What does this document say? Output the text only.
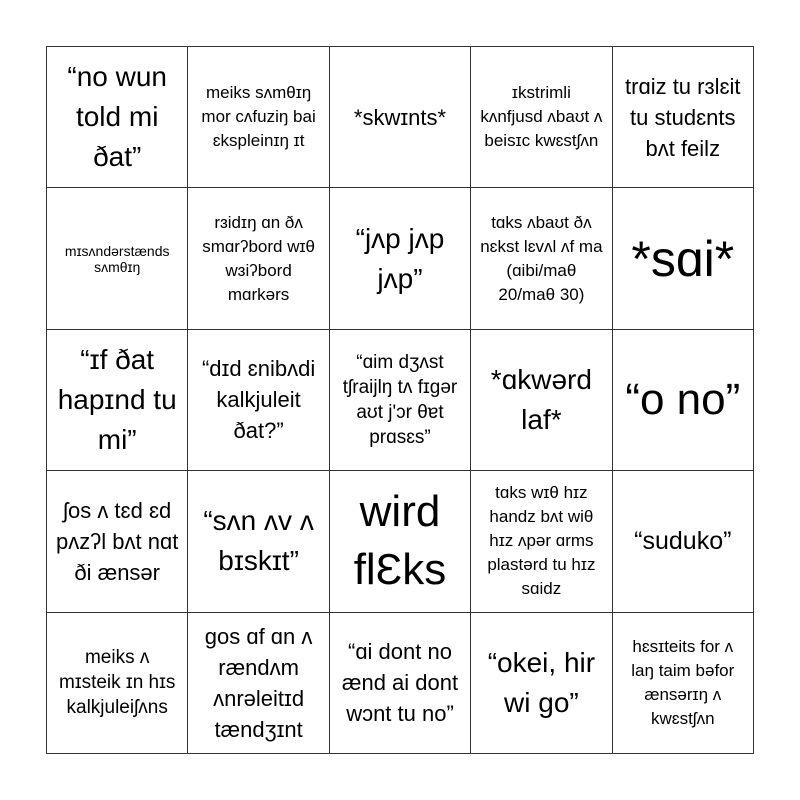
“no wun told mi ðat”
meiks sʌmθɪŋ mor cʌfuziŋ bai ɛkspleinɪŋ ɪt
*skwɪnts*
ɪkstrimli kʌnfjusd ʌbaʊt ʌ beisɪc kwɛstʃʌn
trɑiz tu rɜlɛit tu studɛnts bʌt feilz
mɪsʌndərstænds sʌmθɪŋ
rɜidɪŋ ɑn ðʌ smɑrʔbord wɪθ wɜiʔbord mɑrkərs
“jʌp jʌp jʌp”
tɑks ʌbaʊt ðʌ nɛkst lɛvʌl ʌf ma (ɑibi/maθ 20/maθ 30)
*sɑi*
“ɪf ðat hapɪnd tu mi”
“dɪd ɛnibʌdi kalkjuleit ðat?”
“ɑim dʒʌst tʃraijlŋ tʌ fɪgər aʊt j'ɔr θɐt prɑsɛs”
*ɑkwərd laf*	“o no”
ʃos ʌ tɛd ɛd pʌzʔl bʌt nɑt ði ænsər
“sʌn ʌv ʌ bɪskɪt”
wird flƐks
tɑks wɪθ hɪz handz bʌt wiθ hɪz ʌpər ɑrms plastərd tu hɪz sɑidz
“suduko”
meiks ʌ mɪsteik ɪn hɪs kalkjuleiʃʌns
gos ɑf ɑn ʌ rændʌm ʌnrəleitɪd tændʒɪnt
“ɑi dont no ænd ai dont wɔnt tu no”
“okei, hir wi go”
hɛsɪteits for ʌ laŋ taim bəfor ænsərɪŋ ʌ kwɛstʃʌn
